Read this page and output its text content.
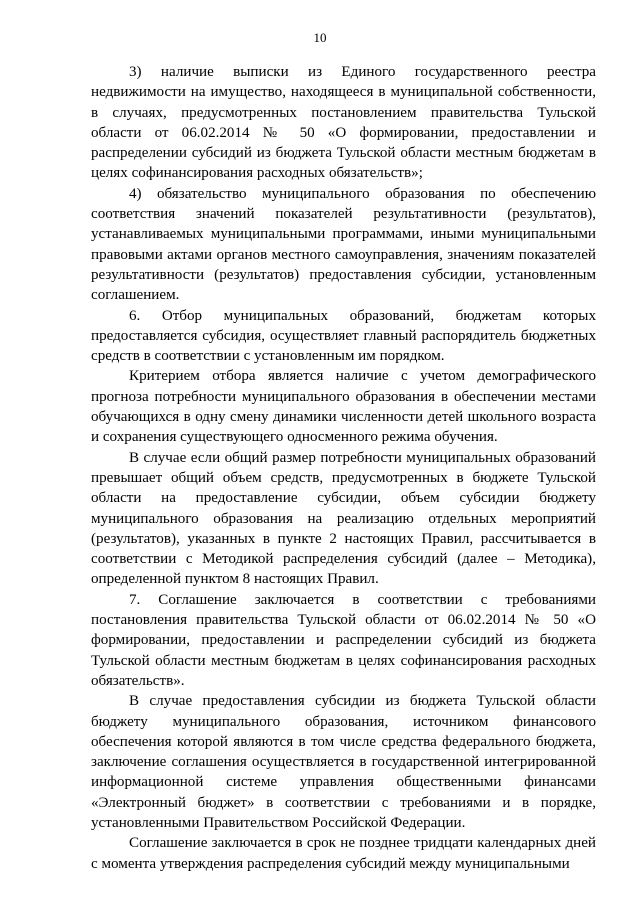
10

3) наличие выписки из Единого государственного реестра недвижимости на имущество, находящееся в муниципальной собственности, в случаях, предусмотренных постановлением правительства Тульской области от 06.02.2014 № 50 «О формировании, предоставлении и распределении субсидий из бюджета Тульской области местным бюджетам в целях софинансирования расходных обязательств»;

4) обязательство муниципального образования по обеспечению соответствия значений показателей результативности (результатов), устанавливаемых муниципальными программами, иными муниципальными правовыми актами органов местного самоуправления, значениям показателей результативности (результатов) предоставления субсидии, установленным соглашением.

6. Отбор муниципальных образований, бюджетам которых предоставляется субсидия, осуществляет главный распорядитель бюджетных средств в соответствии с установленным им порядком.

Критерием отбора является наличие с учетом демографического прогноза потребности муниципального образования в обеспечении местами обучающихся в одну смену динамики численности детей школьного возраста и сохранения существующего односменного режима обучения.

В случае если общий размер потребности муниципальных образований превышает общий объем средств, предусмотренных в бюджете Тульской области на предоставление субсидии, объем субсидии бюджету муниципального образования на реализацию отдельных мероприятий (результатов), указанных в пункте 2 настоящих Правил, рассчитывается в соответствии с Методикой распределения субсидий (далее – Методика), определенной пунктом 8 настоящих Правил.

7. Соглашение заключается в соответствии с требованиями постановления правительства Тульской области от 06.02.2014 № 50 «О формировании, предоставлении и распределении субсидий из бюджета Тульской области местным бюджетам в целях софинансирования расходных обязательств».

В случае предоставления субсидии из бюджета Тульской области бюджету муниципального образования, источником финансового обеспечения которой являются в том числе средства федерального бюджета, заключение соглашения осуществляется в государственной интегрированной информационной системе управления общественными финансами «Электронный бюджет» в соответствии с требованиями и в порядке, установленными Правительством Российской Федерации.

Соглашение заключается в срок не позднее тридцати календарных дней с момента утверждения распределения субсидий между муниципальными
